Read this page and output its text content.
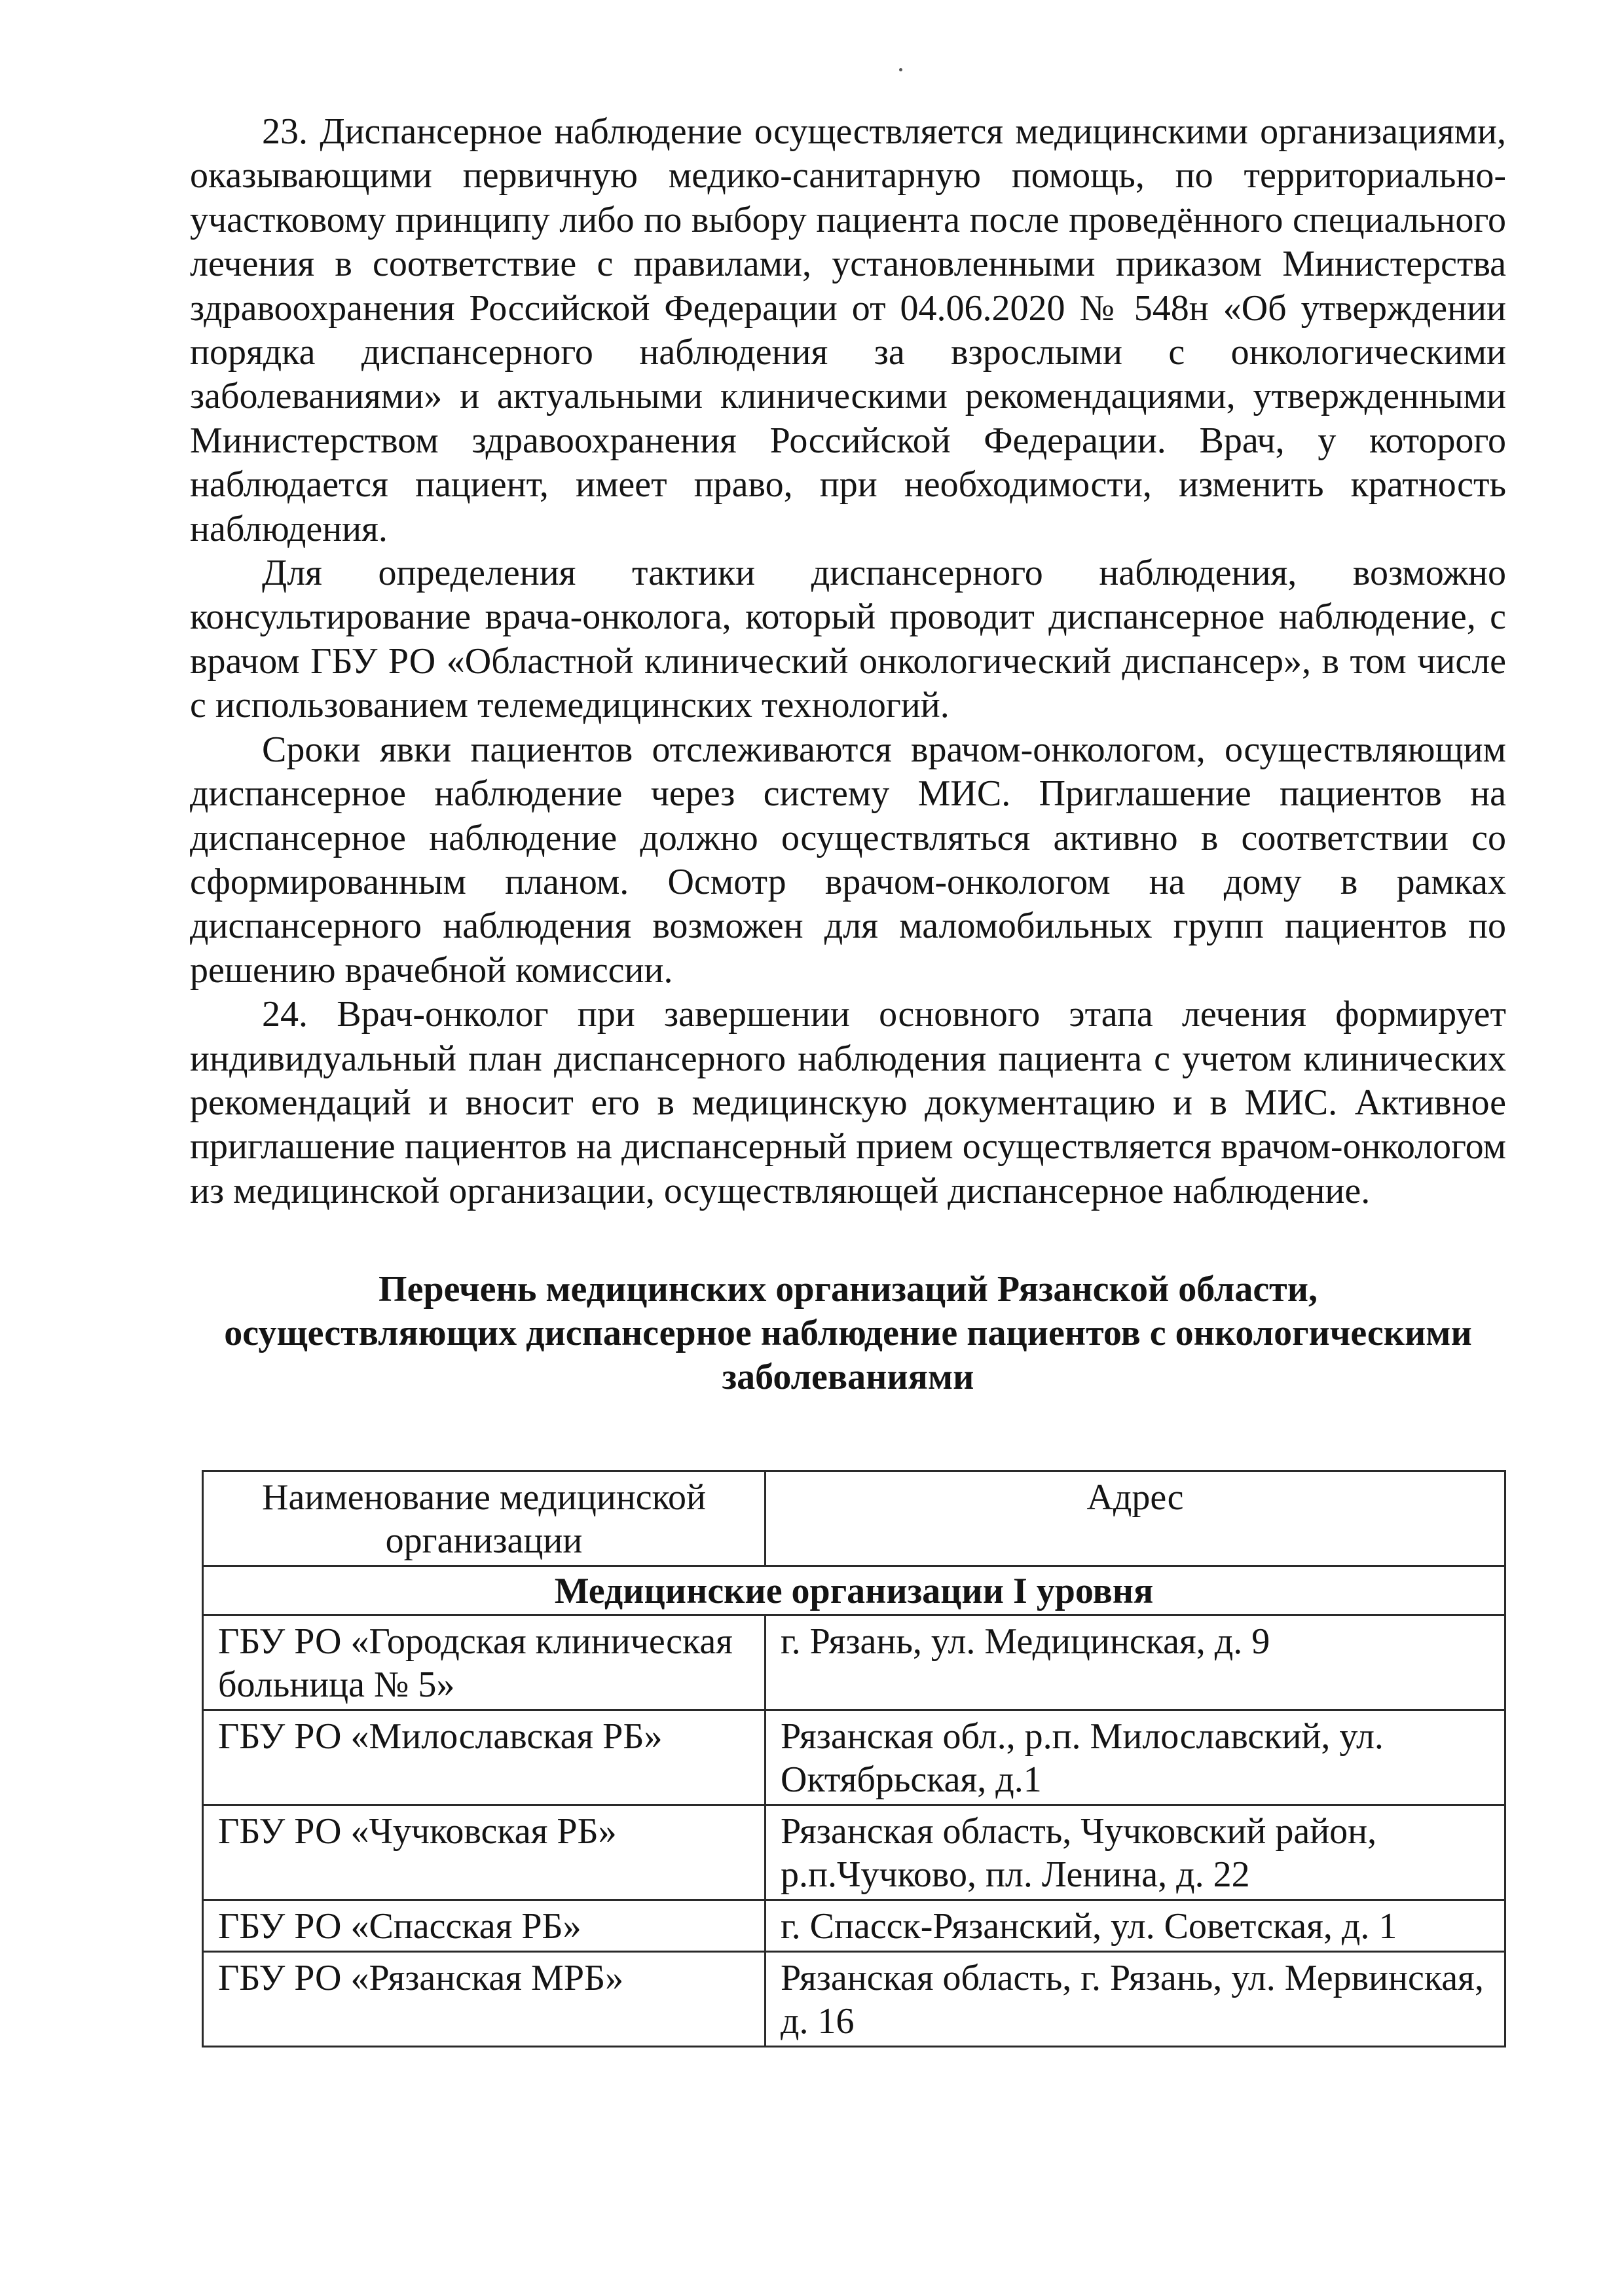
23. Диспансерное наблюдение осуществляется медицинскими организациями, оказывающими первичную медико-санитарную помощь, по территориально-участковому принципу либо по выбору пациента после проведённого специального лечения в соответствие с правилами, установленными приказом Министерства здравоохранения Российской Федерации от 04.06.2020 № 548н «Об утверждении порядка диспансерного наблюдения за взрослыми с онкологическими заболеваниями» и актуальными клиническими рекомендациями, утвержденными Министерством здравоохранения Российской Федерации. Врач, у которого наблюдается пациент, имеет право, при необходимости, изменить кратность наблюдения.

Для определения тактики диспансерного наблюдения, возможно консультирование врача-онколога, который проводит диспансерное наблюдение, с врачом ГБУ РО «Областной клинический онкологический диспансер», в том числе с использованием телемедицинских технологий.

Сроки явки пациентов отслеживаются врачом-онкологом, осуществляющим диспансерное наблюдение через систему МИС. Приглашение пациентов на диспансерное наблюдение должно осуществляться активно в соответствии со сформированным планом. Осмотр врачом-онкологом на дому в рамках диспансерного наблюдения возможен для маломобильных групп пациентов по решению врачебной комиссии.

24. Врач-онколог при завершении основного этапа лечения формирует индивидуальный план диспансерного наблюдения пациента с учетом клинических рекомендаций и вносит его в медицинскую документацию и в МИС. Активное приглашение пациентов на диспансерный прием осуществляется врачом-онкологом из медицинской организации, осуществляющей диспансерное наблюдение.

Перечень медицинских организаций Рязанской области,
осуществляющих диспансерное наблюдение пациентов с онкологическими
заболеваниями
Наименование медицинской организации	Адрес
Медицинские организации I уровня	
ГБУ РО «Городская клиническая больница № 5»	г. Рязань, ул. Медицинская, д. 9
ГБУ РО «Милославская РБ»	Рязанская обл., р.п. Милославский, ул. Октябрьская, д.1
ГБУ РО «Чучковская РБ»	Рязанская область, Чучковский район, р.п.Чучково, пл. Ленина, д. 22
ГБУ РО «Спасская РБ»	г. Спасск-Рязанский, ул. Советская, д. 1
ГБУ РО «Рязанская МРБ»	Рязанская область, г. Рязань, ул. Мервинская, д. 16
